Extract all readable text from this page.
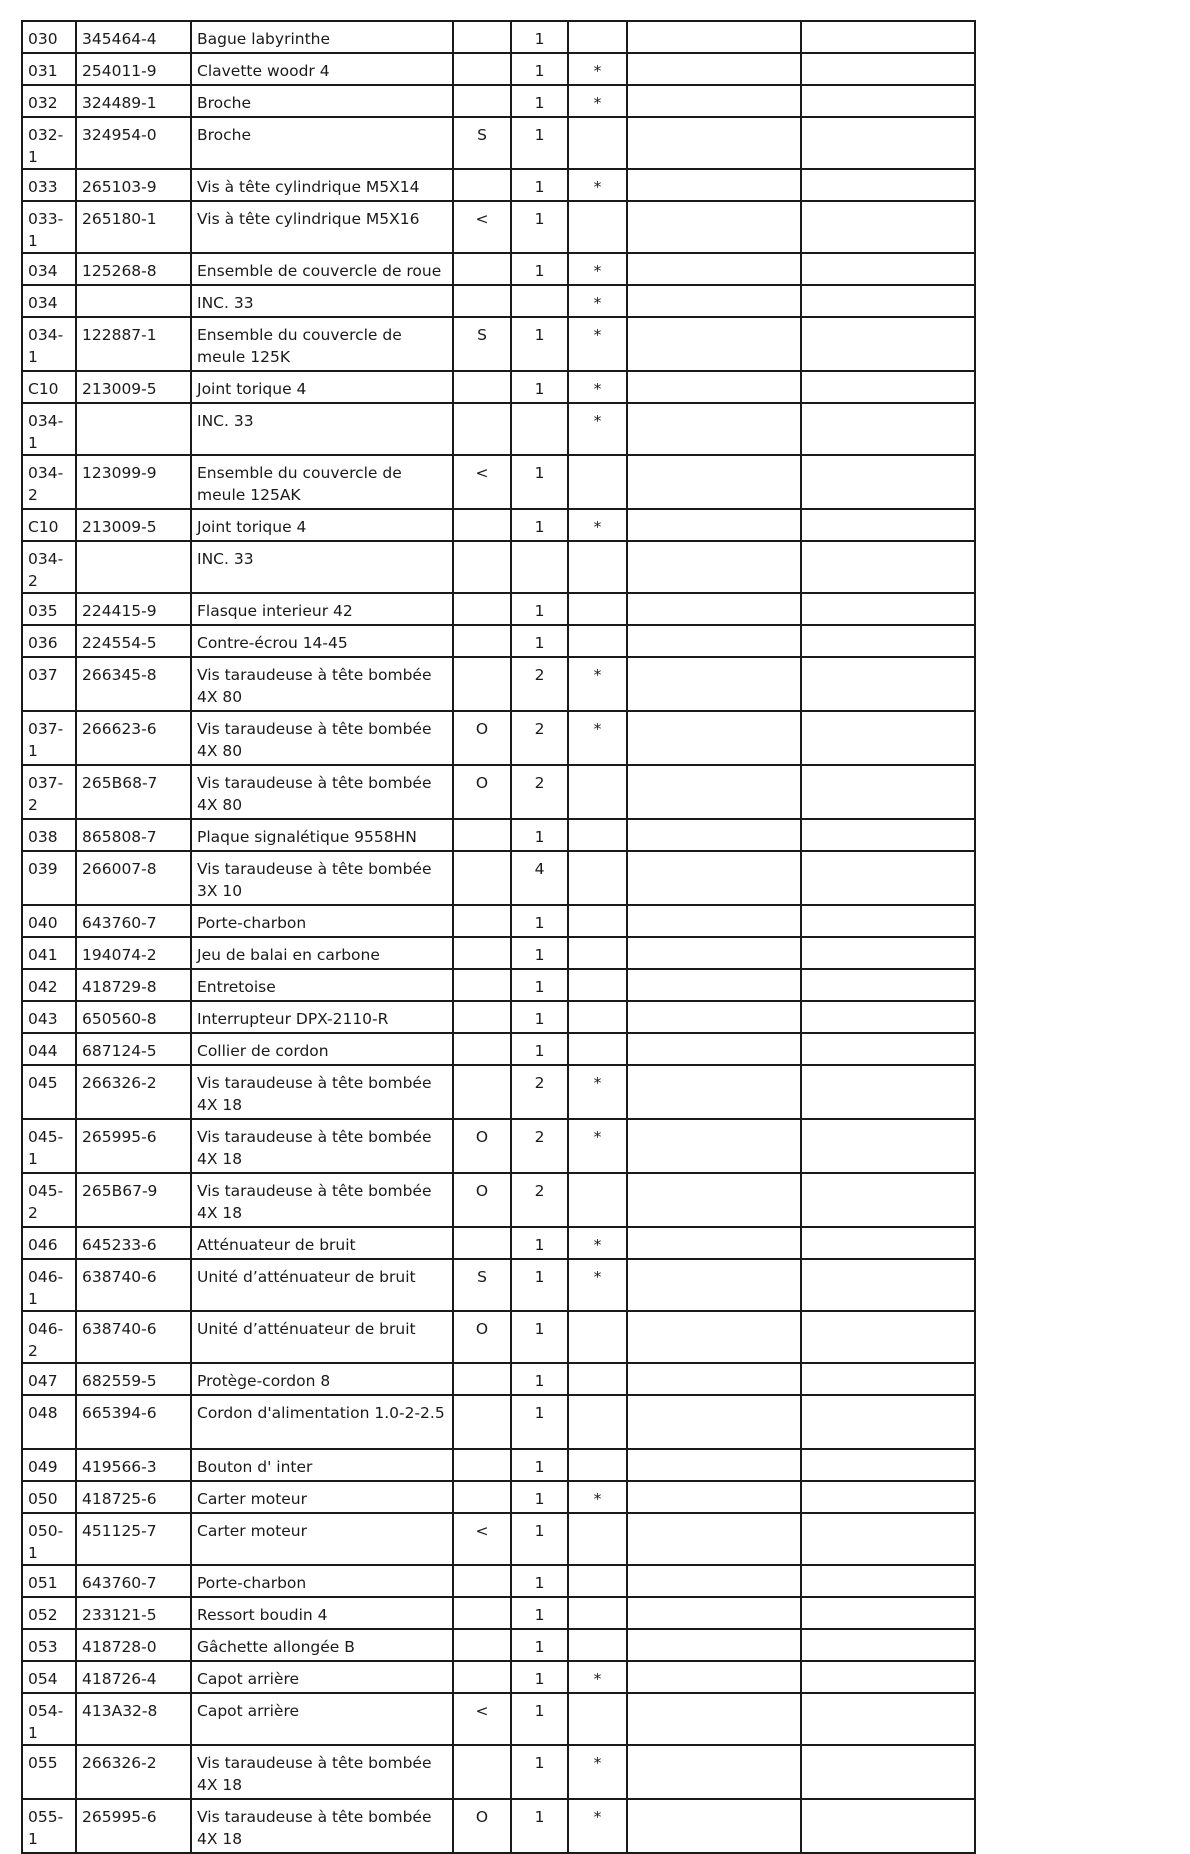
030	345464-4	Bague labyrinthe		1			
031	254011-9	Clavette woodr 4		1	*		
032	324489-1	Broche		1	*		
032-1	324954-0	Broche	S	1			
033	265103-9	Vis à tête cylindrique M5X14		1	*		
033-1	265180-1	Vis à tête cylindrique M5X16	<	1			
034	125268-8	Ensemble de couvercle de roue		1	*		
034		INC. 33			*		
034-1	122887-1	Ensemble du couvercle de meule 125K	S	1	*		
C10	213009-5	Joint torique 4		1	*		
034-1		INC. 33			*		
034-2	123099-9	Ensemble du couvercle de meule 125AK	<	1			
C10	213009-5	Joint torique 4		1	*		
034-2		INC. 33					
035	224415-9	Flasque interieur 42		1			
036	224554-5	Contre-écrou 14-45		1			
037	266345-8	Vis taraudeuse à tête bombée 4X 80		2	*		
037-1	266623-6	Vis taraudeuse à tête bombée 4X 80	O	2	*		
037-2	265B68-7	Vis taraudeuse à tête bombée 4X 80	O	2			
038	865808-7	Plaque signalétique 9558HN		1			
039	266007-8	Vis taraudeuse à tête bombée 3X 10		4			
040	643760-7	Porte-charbon		1			
041	194074-2	Jeu de balai en carbone		1			
042	418729-8	Entretoise		1			
043	650560-8	Interrupteur DPX-2110-R		1			
044	687124-5	Collier de cordon		1			
045	266326-2	Vis taraudeuse à tête bombée 4X 18		2	*		
045-1	265995-6	Vis taraudeuse à tête bombée 4X 18	O	2	*		
045-2	265B67-9	Vis taraudeuse à tête bombée 4X 18	O	2			
046	645233-6	Atténuateur de bruit		1	*		
046-1	638740-6	Unité d’atténuateur de bruit	S	1	*		
046-2	638740-6	Unité d’atténuateur de bruit	O	1			
047	682559-5	Protège-cordon 8		1			
048	665394-6	Cordon d'alimentation 1.0-2-2.5		1			
049	419566-3	Bouton d' inter		1			
050	418725-6	Carter moteur		1	*		
050-1	451125-7	Carter moteur	<	1			
051	643760-7	Porte-charbon		1			
052	233121-5	Ressort boudin 4		1			
053	418728-0	Gâchette allongée B		1			
054	418726-4	Capot arrière		1	*		
054-1	413A32-8	Capot arrière	<	1			
055	266326-2	Vis taraudeuse à tête bombée 4X 18		1	*		
055-1	265995-6	Vis taraudeuse à tête bombée 4X 18	O	1	*		
